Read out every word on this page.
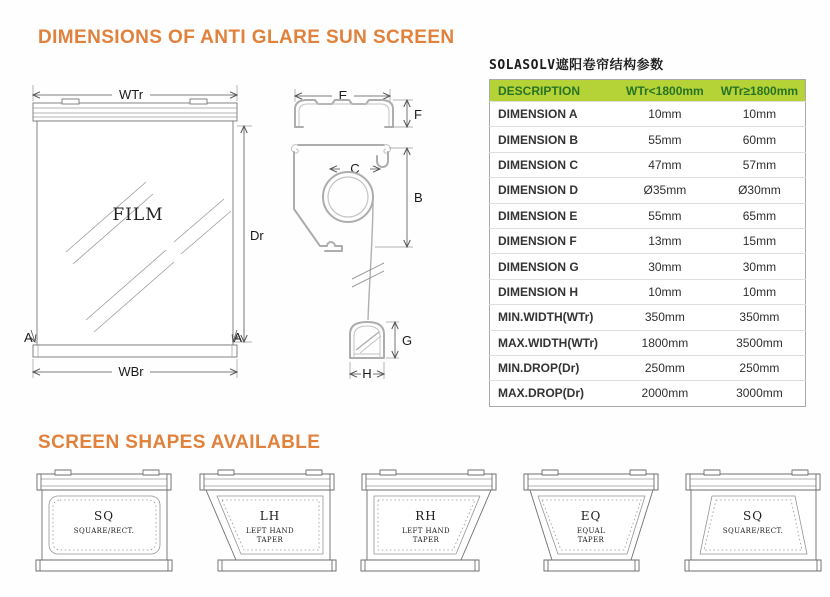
DIMENSIONS OF ANTI GLARE SUN SCREEN
WTr
FILM
Dr
A	A
WBr
E
F
C
B
G
H
SOLASOLV遮阳卷帘结构参数
DESCRIPTION	WTr<1800mm	WTr≥1800mm
DIMENSION A	10mm	10mm
DIMENSION B	55mm	60mm
DIMENSION C	47mm	57mm
DIMENSION D	Ø35mm	Ø30mm
DIMENSION E	55mm	65mm
DIMENSION F	13mm	15mm
DIMENSION G	30mm	30mm
DIMENSION H	10mm	10mm
MIN.WIDTH(WTr)	350mm	350mm
MAX.WIDTH(WTr)	1800mm	3500mm
MIN.DROP(Dr)	250mm	250mm
MAX.DROP(Dr)	2000mm	3000mm
SCREEN SHAPES AVAILABLE
SQ
SQUARE/RECT.
LH
LEFT HAND
TAPER
RH
LEFT HAND
TAPER
EQ
EQUAL
TAPER
SQ
SQUARE/RECT.
